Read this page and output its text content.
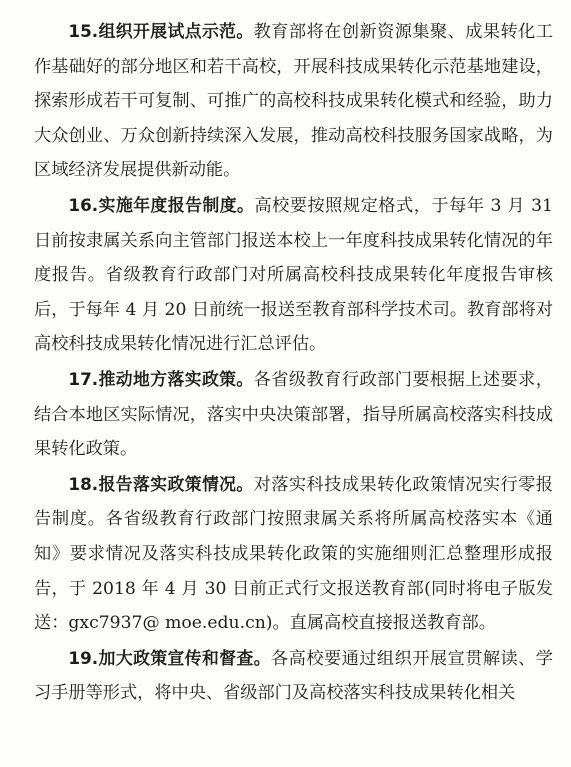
15.组织开展试点示范。教育部将在创新资源集聚、成果转化工作基础好的部分地区和若干高校，开展科技成果转化示范基地建设，探索形成若干可复制、可推广的高校科技成果转化模式和经验，助力大众创业、万众创新持续深入发展，推动高校科技服务国家战略，为区域经济发展提供新动能。

16.实施年度报告制度。高校要按照规定格式，于每年 3 月 31 日前按隶属关系向主管部门报送本校上一年度科技成果转化情况的年度报告。省级教育行政部门对所属高校科技成果转化年度报告审核后，于每年 4 月 20 日前统一报送至教育部科学技术司。教育部将对高校科技成果转化情况进行汇总评估。

17.推动地方落实政策。各省级教育行政部门要根据上述要求，结合本地区实际情况，落实中央决策部署，指导所属高校落实科技成果转化政策。

18.报告落实政策情况。对落实科技成果转化政策情况实行零报告制度。各省级教育行政部门按照隶属关系将所属高校落实本《通知》要求情况及落实科技成果转化政策的实施细则汇总整理形成报告，于 2018 年 4 月 30 日前正式行文报送教育部(同时将电子版发送：gxc7937@ moe.edu.cn)。直属高校直接报送教育部。

19.加大政策宣传和督查。各高校要通过组织开展宣贯解读、学习手册等形式，将中央、省级部门及高校落实科技成果转化相关
